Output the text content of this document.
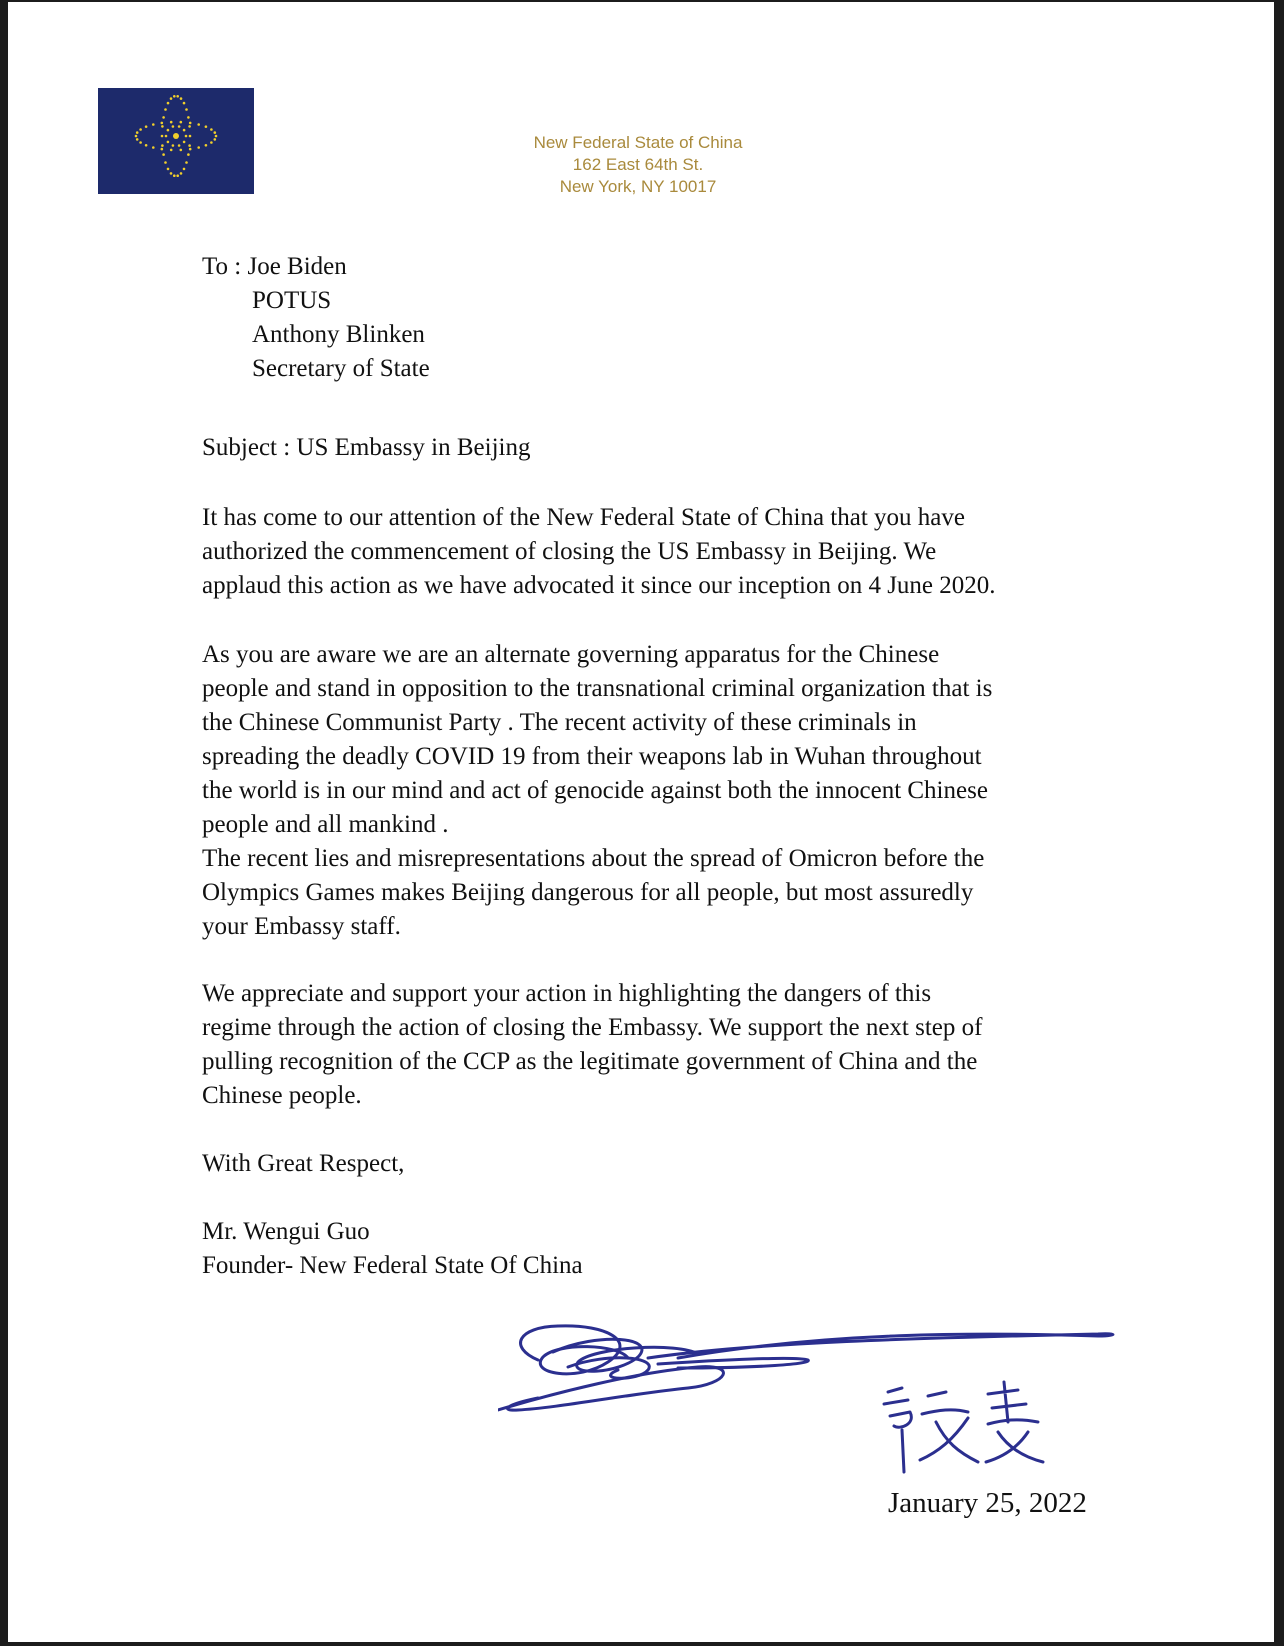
New Federal State of China
162 East 64th St.
New York, NY 10017
To : Joe Biden
POTUS
Anthony Blinken
Secretary of State
Subject : US Embassy in Beijing
It has come to our attention of the New Federal State of China that you have
authorized the commencement of closing the US Embassy in Beijing. We
applaud this action as we have advocated it since our inception on 4 June 2020.
As you are aware we are an alternate governing apparatus for the Chinese
people and stand in opposition to the transnational criminal organization that is
the Chinese Communist Party . The recent activity of these criminals in
spreading the deadly COVID 19 from their weapons lab in Wuhan throughout
the world is in our mind and act of genocide against both the innocent Chinese
people and all mankind .
The recent lies and misrepresentations about the spread of Omicron before the
Olympics Games makes Beijing dangerous for all people, but most assuredly
your Embassy staff.
We appreciate and support your action in highlighting the dangers of this
regime through the action of closing the Embassy. We support the next step of
pulling recognition of the CCP as the legitimate government of China and the
Chinese people.
With Great Respect,
Mr. Wengui Guo
Founder- New Federal State Of China
January 25, 2022
